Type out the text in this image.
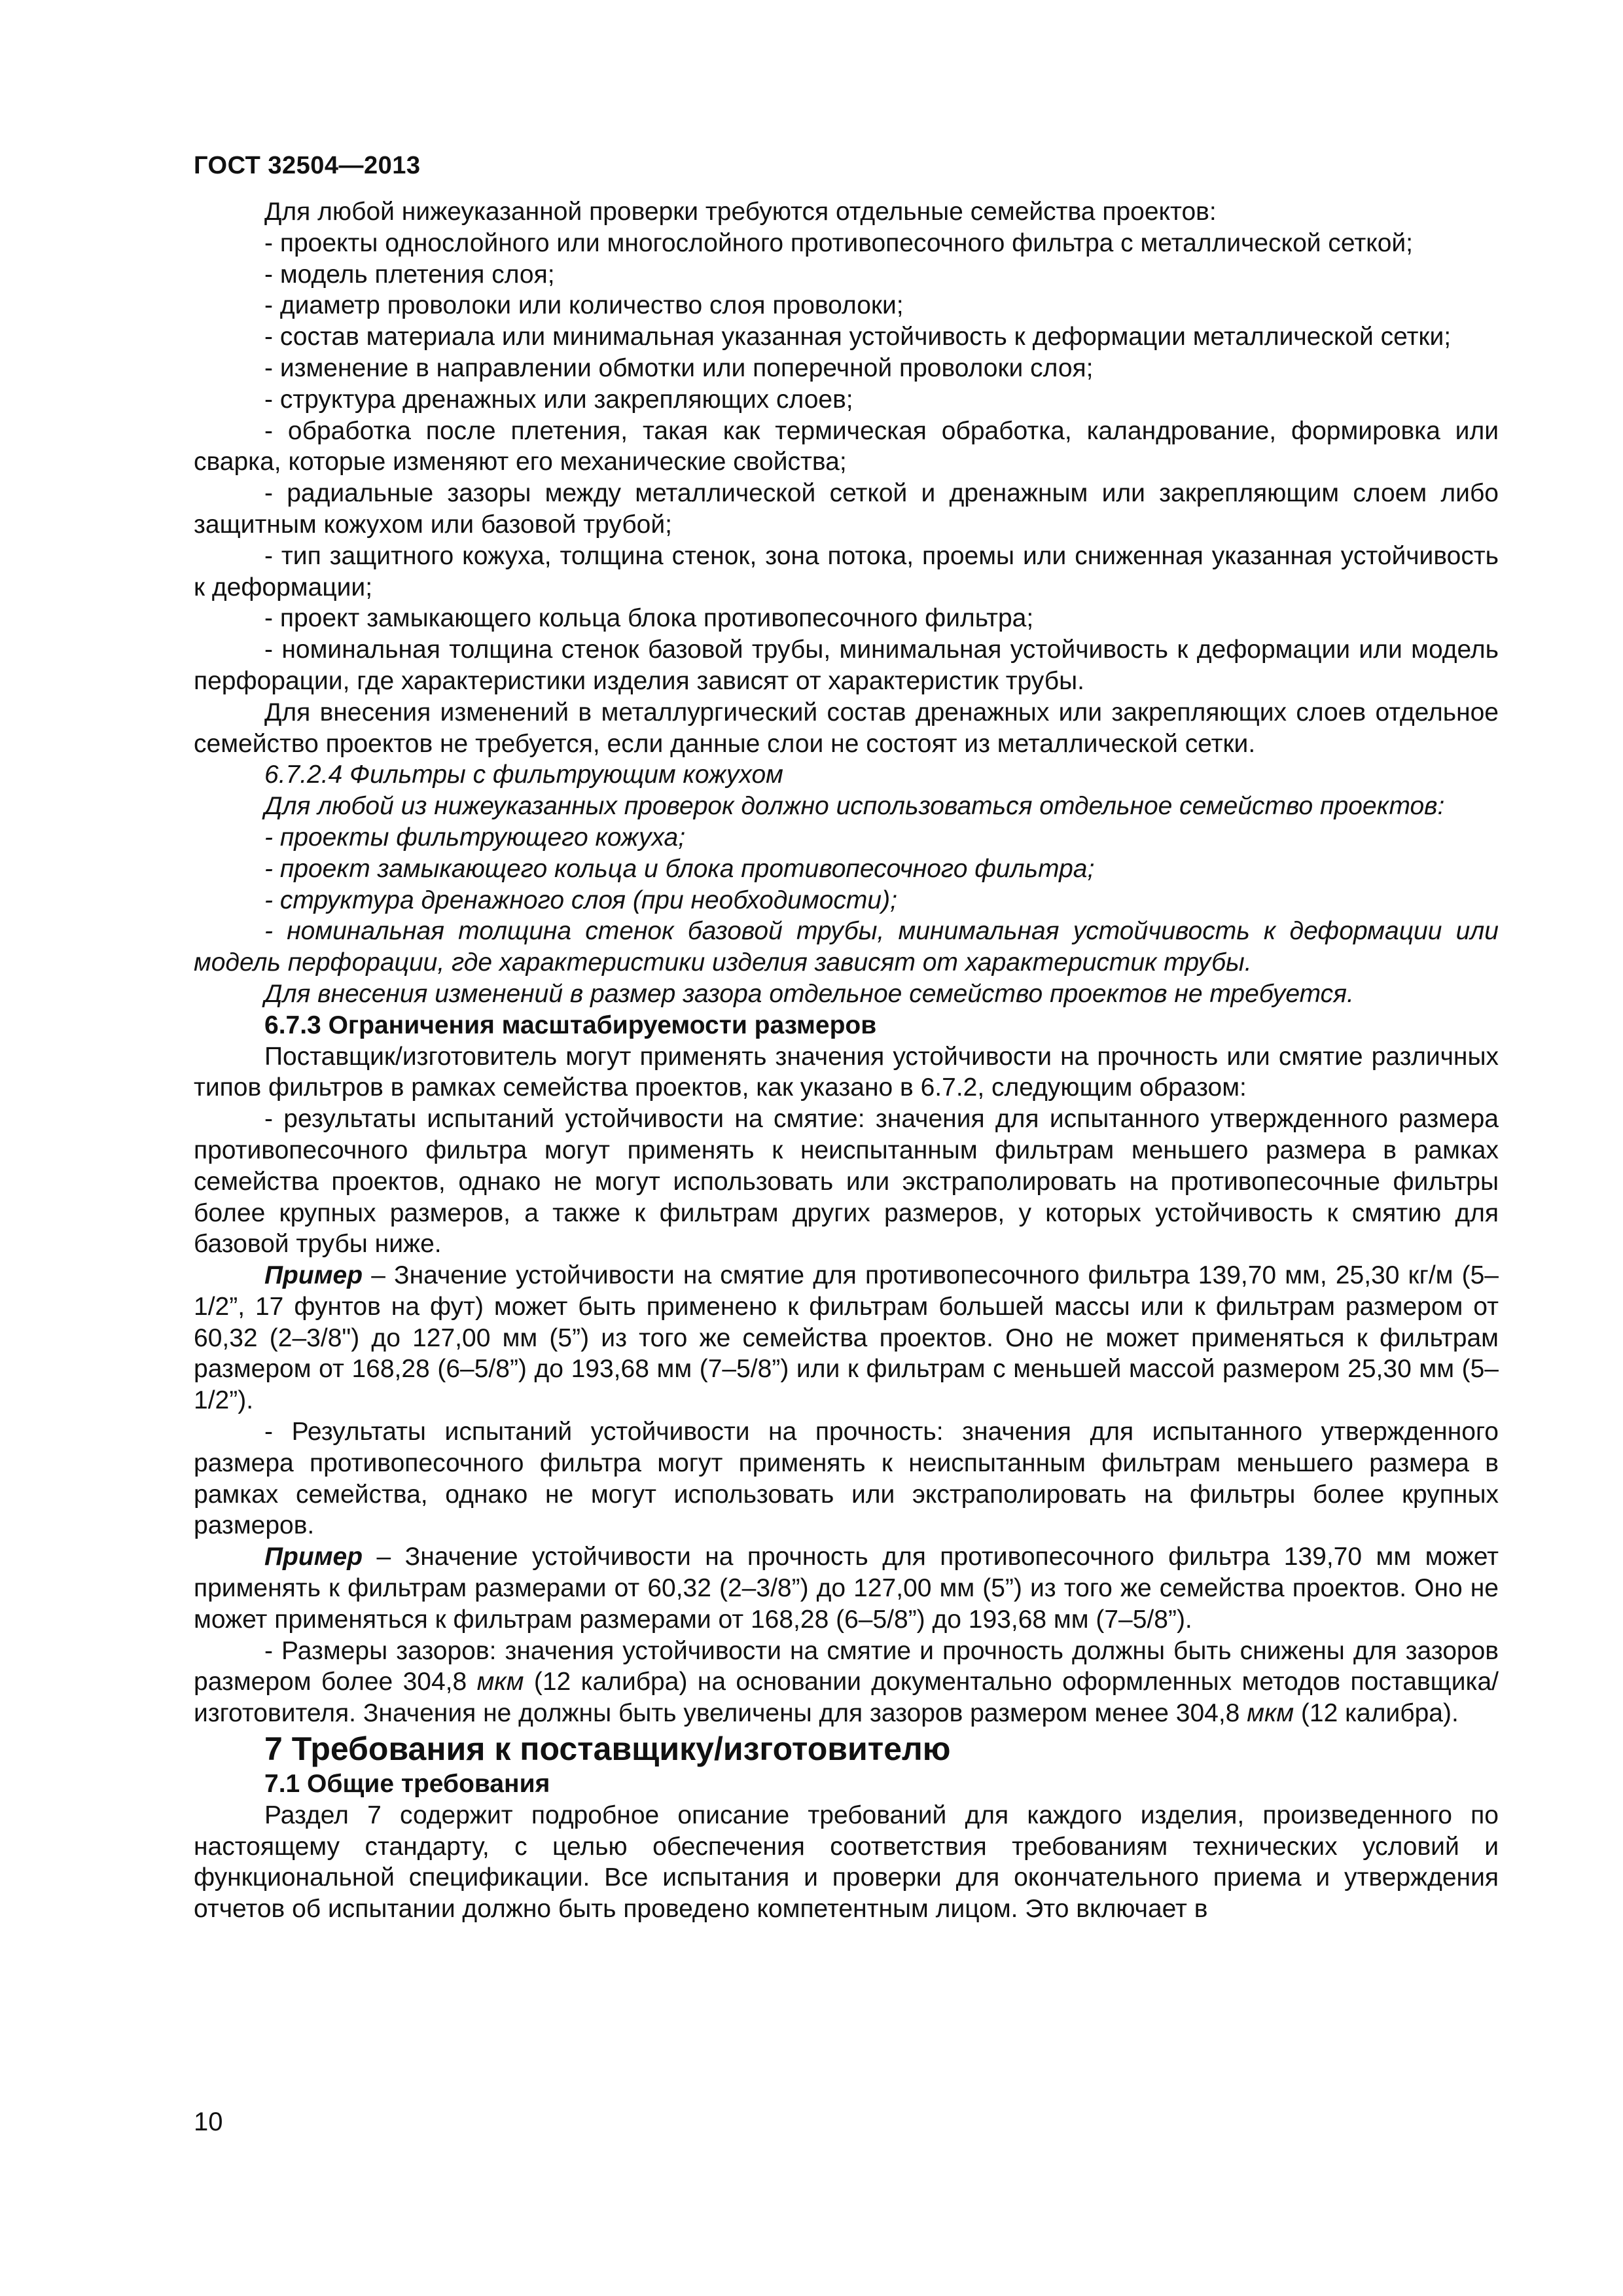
ГОСТ 32504—2013

Для любой нижеуказанной проверки требуются отдельные семейства проектов:

- проекты однослойного или многослойного противопесочного фильтра с металлической сеткой;

- модель плетения слоя;

- диаметр проволоки или количество слоя проволоки;

- состав материала или минимальная указанная устойчивость к деформации металлической сетки;

- изменение в направлении обмотки или поперечной проволоки слоя;

- структура дренажных или закрепляющих слоев;

- обработка после плетения, такая как термическая обработка, каландрование, формировка или сварка, которые изменяют его механические свойства;

- радиальные зазоры между металлической сеткой и дренажным или закрепляющим слоем либо защитным кожухом или базовой трубой;

- тип защитного кожуха, толщина стенок, зона потока, проемы или сниженная указанная устойчивость к деформации;

- проект замыкающего кольца блока противопесочного фильтра;

- номинальная толщина стенок базовой трубы, минимальная устойчивость к деформации или модель перфорации, где характеристики изделия зависят от характеристик трубы.

Для внесения изменений в металлургический состав дренажных или закрепляющих слоев отдельное семейство проектов не требуется, если данные слои не состоят из металлической сетки.

6.7.2.4 Фильтры с фильтрующим кожухом

Для любой из нижеуказанных проверок должно использоваться отдельное семейство проектов:

- проекты фильтрующего кожуха;

- проект замыкающего кольца и блока противопесочного фильтра;

- структура дренажного слоя (при необходимости);

- номинальная толщина стенок базовой трубы, минимальная устойчивость к деформации или модель перфорации, где характеристики изделия зависят от характеристик трубы.

Для внесения изменений в размер зазора отдельное семейство проектов не требуется.

6.7.3 Ограничения масштабируемости размеров

Поставщик/изготовитель могут применять значения устойчивости на прочность или смятие различных типов фильтров в рамках семейства проектов, как указано в 6.7.2, следующим образом:

- результаты испытаний устойчивости на смятие: значения для испытанного утвержденного размера противопесочного фильтра могут применять к неиспытанным фильтрам меньшего размера в рамках семейства проектов, однако не могут использовать или экстраполировать на противопесочные фильтры более крупных размеров, а также к фильтрам других размеров, у которых устойчивость к смятию для базовой трубы ниже.

Пример – Значение устойчивости на смятие для противопесочного фильтра 139,70 мм, 25,30 кг/м (5–1/2”, 17 фунтов на фут) может быть применено к фильтрам большей массы или к фильтрам размером от 60,32 (2–3/8") до 127,00 мм (5”) из того же семейства проектов. Оно не может применяться к фильтрам размером от 168,28 (6–5/8”) до 193,68 мм (7–5/8”) или к фильтрам с меньшей массой размером 25,30 мм (5–1/2”).

- Результаты испытаний устойчивости на прочность: значения для испытанного утвержденного размера противопесочного фильтра могут применять к неиспытанным фильтрам меньшего размера в рамках семейства, однако не могут использовать или экстраполировать на фильтры более крупных размеров.

Пример – Значение устойчивости на прочность для противопесочного фильтра 139,70 мм может применять к фильтрам размерами от 60,32 (2–3/8”) до 127,00 мм (5”) из того же семейства проектов. Оно не может применяться к фильтрам размерами от 168,28 (6–5/8”) до 193,68 мм (7–5/8”).

- Размеры зазоров: значения устойчивости на смятие и прочность должны быть снижены для зазоров размером более 304,8 мкм (12 калибра) на основании документально оформленных методов поставщика/изготовителя. Значения не должны быть увеличены для зазоров размером менее 304,8 мкм (12 калибра).

7 Требования к поставщику/изготовителю

7.1 Общие требования

Раздел 7 содержит подробное описание требований для каждого изделия, произведенного по настоящему стандарту, с целью обеспечения соответствия требованиям технических условий и функциональной спецификации. Все испытания и проверки для окончательного приема и утверждения отчетов об испытании должно быть проведено компетентным лицом. Это включает в

10
